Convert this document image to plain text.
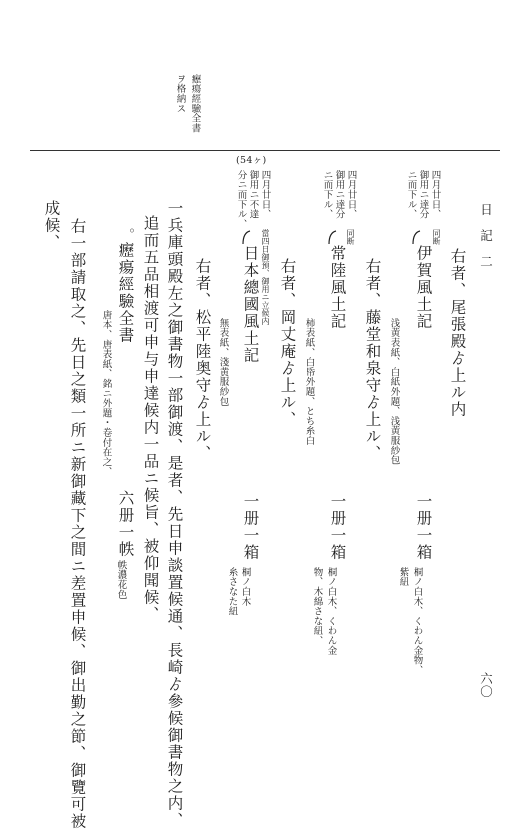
日　記　二
六〇
癧瘍經驗全書
ヲ格納ス
(54ヶ)
四月廿日、
御用ニ達分
ニ而下ル、
四月廿日、
御用ニ達分
ニ而下ル、
四月廿日、
御用ニ不達
分ニ而下ル、
右者、尾張殿ゟ上ル内
同断
伊賀風土記
一册一箱
桐ノ白木、くわん金物、
紫紐
浅黄表紙、白紙外題、浅黄服紗包
右者、藤堂和泉守ゟ上ル、
同断
常陸風土記
一册一箱
桐ノ白木、くわん金
物、木綿さな紐、
柿表紙、白帋外題、とち糸白
右者、岡丈庵ゟ上ル、
當四日御預、御用ニ立候内
日本總國風土記
一册一箱
桐ノ白木
糸さなた紐
無表紙、淺黄服紗包
右者、松平陸奥守ゟ上ル、
一兵庫頭殿左之御書物一部御渡、是者、先日申談置候通、長崎ゟ參候御書物之内、
追而五品相渡可申与申達候内一品ニ候旨、被仰聞候、
。
癧瘍經驗全書
六册一帙
帙濃花色
唐本、唐表紙、銘ニ外題・卷付在之、
右一部請取之、先日之類一所ニ新御藏下之間ニ差置申候、御出勤之節、御覽可被
成候、
